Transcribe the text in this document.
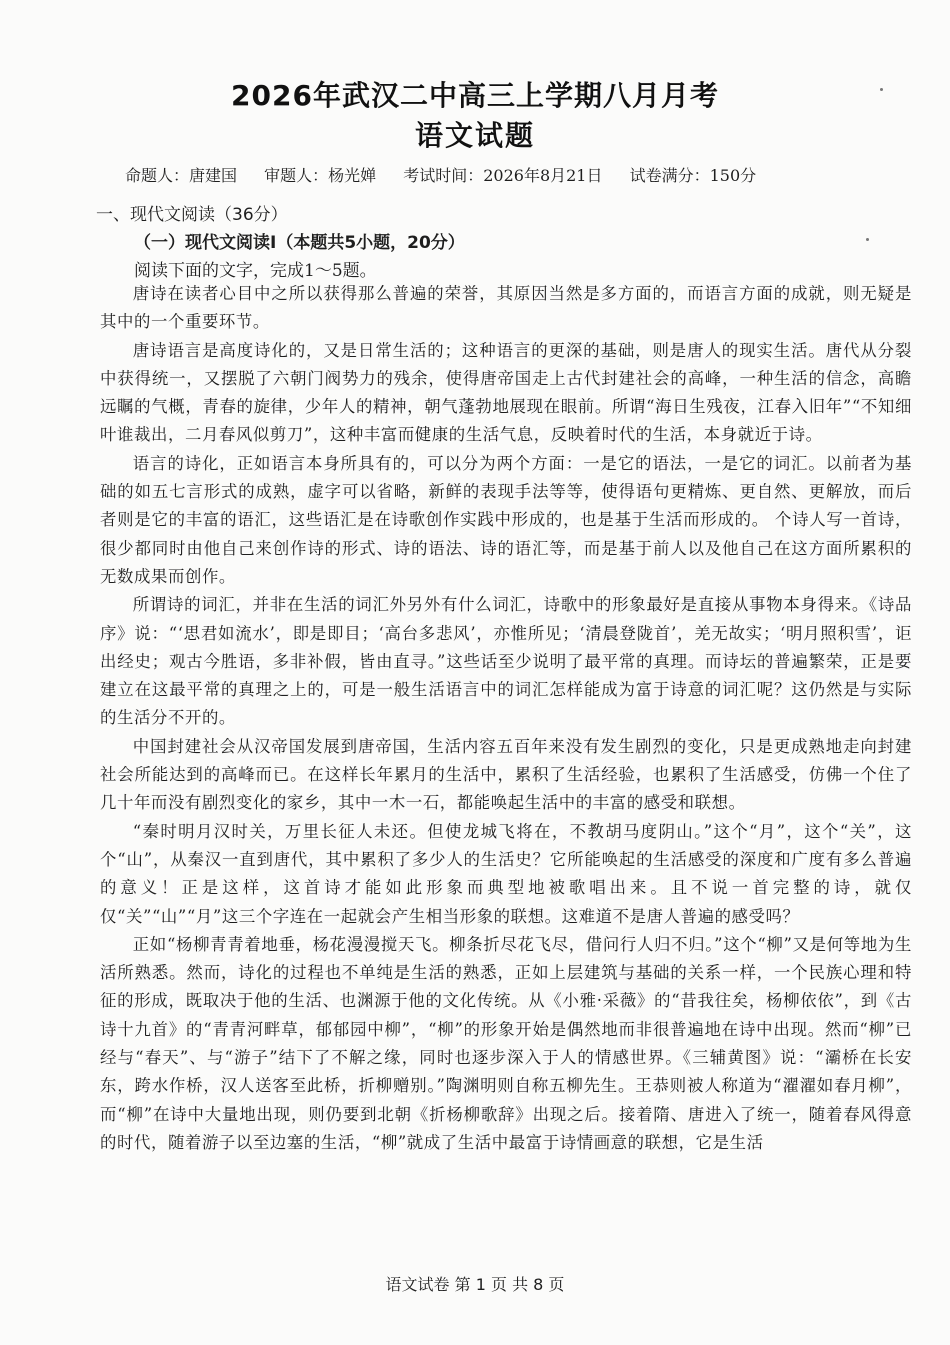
2026年武汉二中高三上学期八月月考
语文试题
命题人：唐建国 审题人：杨光婵 考试时间：2026年8月21日 试卷满分：150分
一、现代文阅读（36分）
（一）现代文阅读Ⅰ（本题共5小题，20分）
阅读下面的文字，完成1～5题。

唐诗在读者心目中之所以获得那么普遍的荣誉，其原因当然是多方面的，而语言方面的成就，则无疑是其中的一个重要环节。

唐诗语言是高度诗化的，又是日常生活的；这种语言的更深的基础，则是唐人的现实生活。唐代从分裂中获得统一，又摆脱了六朝门阀势力的残余，使得唐帝国走上古代封建社会的高峰，一种生活的信念，高瞻远瞩的气概，青春的旋律，少年人的精神，朝气蓬勃地展现在眼前。所谓“海日生残夜，江春入旧年”“不知细叶谁裁出，二月春风似剪刀”，这种丰富而健康的生活气息，反映着时代的生活，本身就近于诗。

语言的诗化，正如语言本身所具有的，可以分为两个方面：一是它的语法，一是它的词汇。以前者为基础的如五七言形式的成熟，虚字可以省略，新鲜的表现手法等等，使得语句更精炼、更自然、更解放，而后者则是它的丰富的语汇，这些语汇是在诗歌创作实践中形成的，也是基于生活而形成的。 个诗人写一首诗，很少都同时由他自己来创作诗的形式、诗的语法、诗的语汇等，而是基于前人以及他自己在这方面所累积的无数成果而创作。

所谓诗的词汇，并非在生活的词汇外另外有什么词汇，诗歌中的形象最好是直接从事物本身得来。《诗品序》说：“‘思君如流水’，即是即目；‘高台多悲风’，亦惟所见；‘清晨登陇首’，羌无故实；‘明月照积雪’，讵出经史；观古今胜语，多非补假，皆由直寻。”这些话至少说明了最平常的真理。而诗坛的普遍繁荣，正是要建立在这最平常的真理之上的，可是一般生活语言中的词汇怎样能成为富于诗意的词汇呢？这仍然是与实际的生活分不开的。

中国封建社会从汉帝国发展到唐帝国，生活内容五百年来没有发生剧烈的变化，只是更成熟地走向封建社会所能达到的高峰而已。在这样长年累月的生活中，累积了生活经验，也累积了生活感受，仿佛一个住了几十年而没有剧烈变化的家乡，其中一木一石，都能唤起生活中的丰富的感受和联想。

“秦时明月汉时关，万里长征人未还。但使龙城飞将在，不教胡马度阴山。”这个“月”，这个“关”，这个“山”，从秦汉一直到唐代，其中累积了多少人的生活史？它所能唤起的生活感受的深度和广度有多么普遍的意义！正是这样，这首诗才能如此形象而典型地被歌唱出来。且不说一首完整的诗，就仅仅“关”“山”“月”这三个字连在一起就会产生相当形象的联想。这难道不是唐人普遍的感受吗？

正如“杨柳青青着地垂，杨花漫漫搅天飞。柳条折尽花飞尽，借问行人归不归。”这个“柳”又是何等地为生活所熟悉。然而，诗化的过程也不单纯是生活的熟悉，正如上层建筑与基础的关系一样，一个民族心理和特征的形成，既取决于他的生活、也渊源于他的文化传统。从《小雅·采薇》的“昔我往矣，杨柳依依”，到《古诗十九首》的“青青河畔草，郁郁园中柳”，“柳”的形象开始是偶然地而非很普遍地在诗中出现。然而“柳”已经与“春天”、与“游子”结下了不解之缘，同时也逐步深入于人的情感世界。《三辅黄图》说：“灞桥在长安东，跨水作桥，汉人送客至此桥，折柳赠别。”陶渊明则自称五柳先生。王恭则被人称道为“濯濯如春月柳”，而“柳”在诗中大量地出现，则仍要到北朝《折杨柳歌辞》出现之后。接着隋、唐进入了统一，随着春风得意的时代，随着游子以至边塞的生活，“柳”就成了生活中最富于诗情画意的联想，它是生活

语文试卷 第 1 页 共 8 页
